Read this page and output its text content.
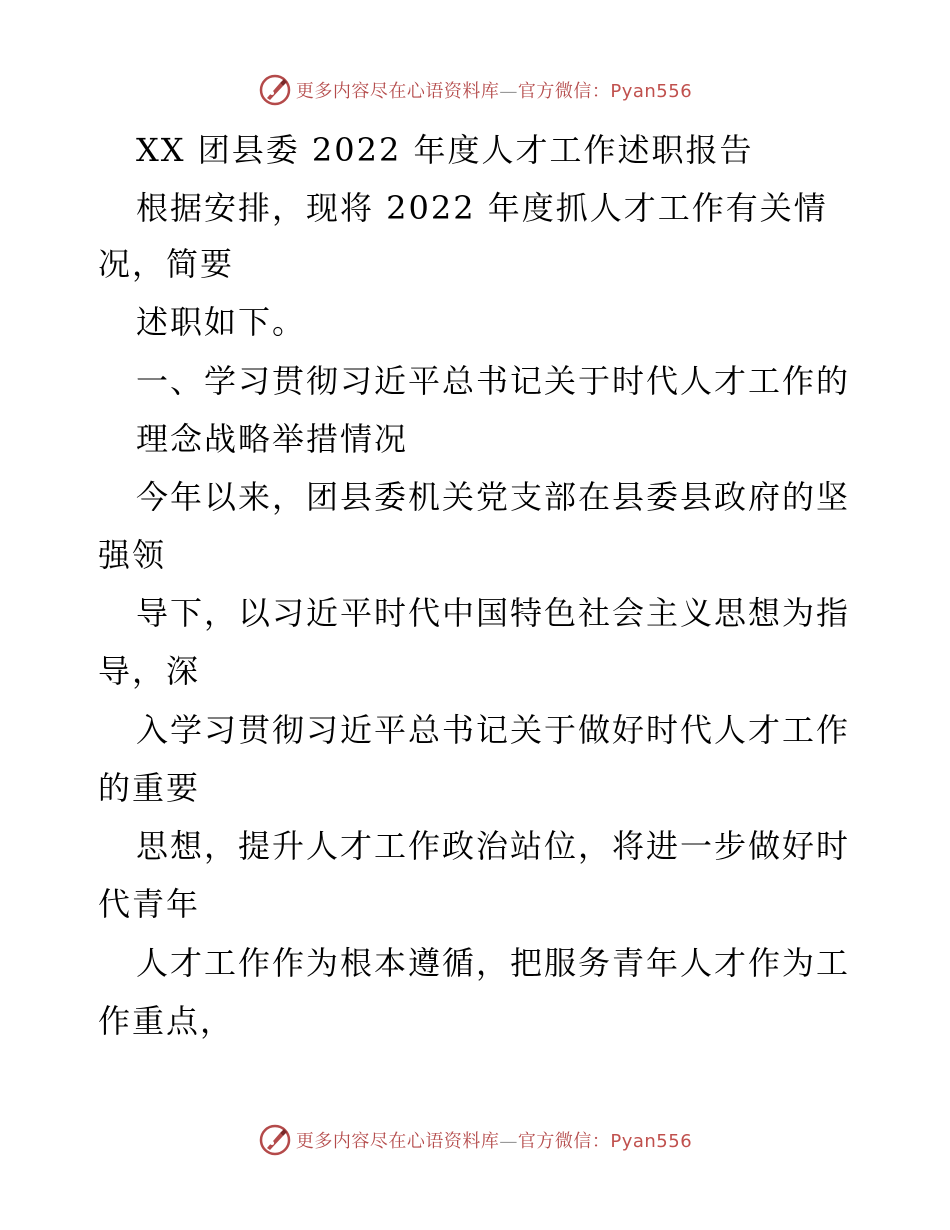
更多内容尽在心语资料库—官方微信：Pyan556
XX 团县委 2022 年度人才工作述职报告
根据安排，现将 2022 年度抓人才工作有关情
况，简要
述职如下。
一、学习贯彻习近平总书记关于时代人才工作的
理念战略举措情况
今年以来，团县委机关党支部在县委县政府的坚
强领
导下，以习近平时代中国特色社会主义思想为指
导，深
入学习贯彻习近平总书记关于做好时代人才工作
的重要
思想，提升人才工作政治站位，将进一步做好时
代青年
人才工作作为根本遵循，把服务青年人才作为工
作重点，
更多内容尽在心语资料库—官方微信：Pyan556
